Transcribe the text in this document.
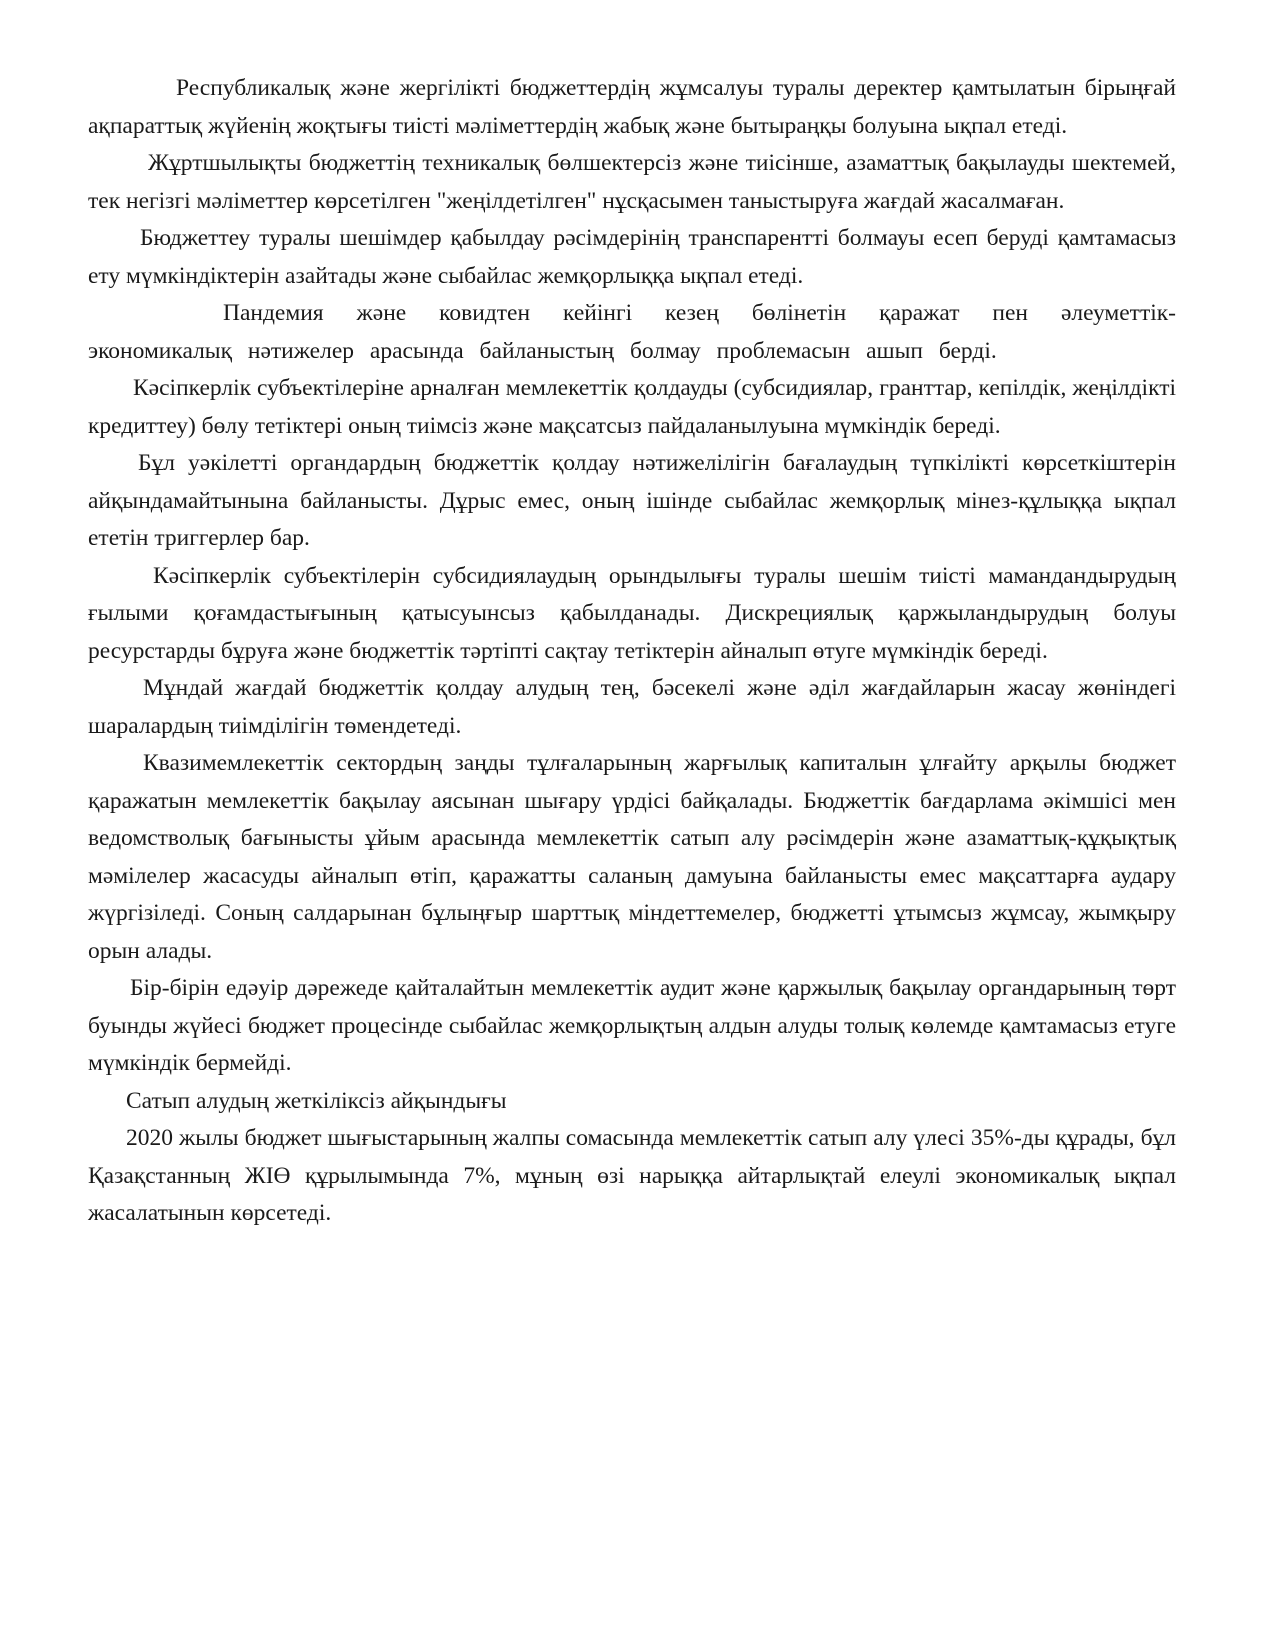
Республикалық және жергілікті бюджеттердің жұмсалуы туралы деректер қамтылатын бірыңғай ақпараттық жүйенің жоқтығы тиісті мәліметтердің жабық және бытыраңқы болуына ықпал етеді.

Жұртшылықты бюджеттің техникалық бөлшектерсіз және тиісінше, азаматтық бақылауды шектемей, тек негізгі мәліметтер көрсетілген "жеңілдетілген" нұсқасымен таныстыруға жағдай жасалмаған.

Бюджеттеу туралы шешімдер қабылдау рәсімдерінің транспарентті болмауы есеп беруді қамтамасыз ету мүмкіндіктерін азайтады және сыбайлас жемқорлыққа ықпал етеді.

Пандемия және ковидтен кейінгі кезең бөлінетін қаражат пен әлеуметтік-экономикалық нәтижелер арасында байланыстың болмау проблемасын ашып берді.

Кәсіпкерлік субъектілеріне арналған мемлекеттік қолдауды (субсидиялар, гранттар, кепілдік, жеңілдікті кредиттеу) бөлу тетіктері оның тиімсіз және мақсатсыз пайдаланылуына мүмкіндік береді.

Бұл уәкілетті органдардың бюджеттік қолдау нәтижелілігін бағалаудың түпкілікті көрсеткіштерін айқындамайтынына байланысты. Дұрыс емес, оның ішінде сыбайлас жемқорлық мінез-құлыққа ықпал ететін триггерлер бар.

Кәсіпкерлік субъектілерін субсидиялаудың орындылығы туралы шешім тиісті мамандандырудың ғылыми қоғамдастығының қатысуынсыз қабылданады. Дискрециялық қаржыландырудың болуы ресурстарды бұруға және бюджеттік тәртіпті сақтау тетіктерін айналып өтуге мүмкіндік береді.

Мұндай жағдай бюджеттік қолдау алудың тең, бәсекелі және әділ жағдайларын жасау жөніндегі шаралардың тиімділігін төмендетеді.

Квазимемлекеттік сектордың заңды тұлғаларының жарғылық капиталын ұлғайту арқылы бюджет қаражатын мемлекеттік бақылау аясынан шығару үрдісі байқалады. Бюджеттік бағдарлама әкімшісі мен ведомстволық бағынысты ұйым арасында мемлекеттік сатып алу рәсімдерін және азаматтық-құқықтық мәмілелер жасасуды айналып өтіп, қаражатты саланың дамуына байланысты емес мақсаттарға аудару жүргізіледі. Соның салдарынан бұлыңғыр шарттық міндеттемелер, бюджетті ұтымсыз жұмсау, жымқыру орын алады.

Бір-бірін едәуір дәрежеде қайталайтын мемлекеттік аудит және қаржылық бақылау органдарының төрт буынды жүйесі бюджет процесінде сыбайлас жемқорлықтың алдын алуды толық көлемде қамтамасыз етуге мүмкіндік бермейді.

Сатып алудың жеткіліксіз айқындығы

2020 жылы бюджет шығыстарының жалпы сомасында мемлекеттік сатып алу үлесі 35%-ды құрады, бұл Қазақстанның ЖІӨ құрылымында 7%, мұның өзі нарыққа айтарлықтай елеулі экономикалық ықпал жасалатынын көрсетеді.
